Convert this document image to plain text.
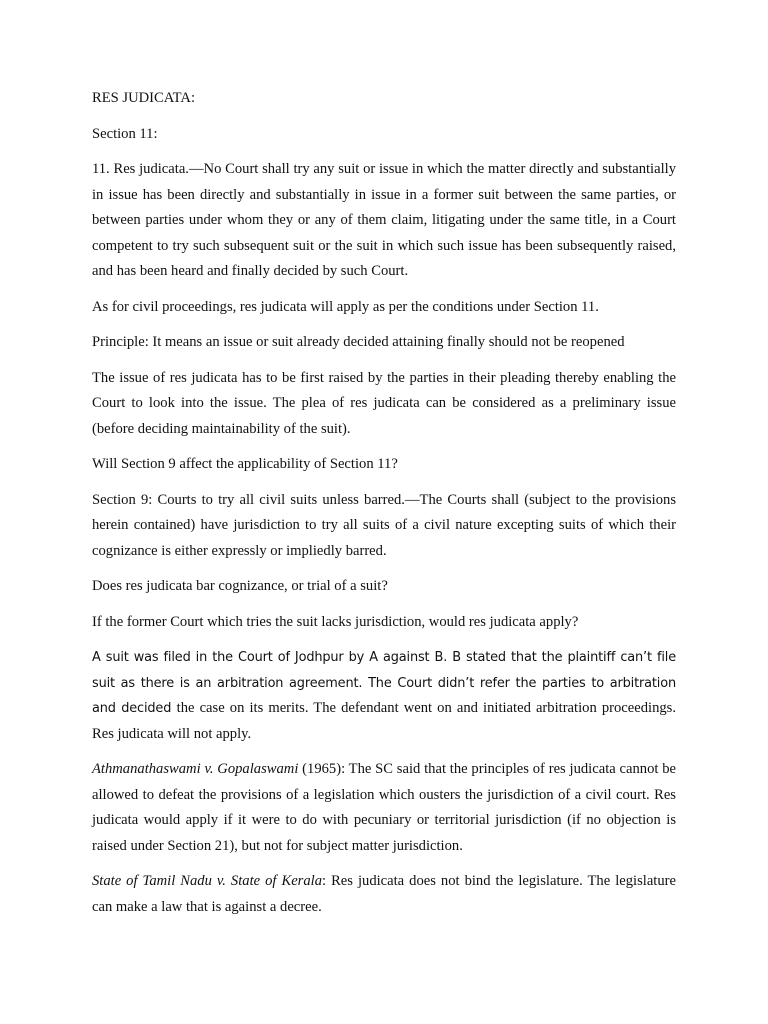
RES JUDICATA:

Section 11:

11. Res judicata.—No Court shall try any suit or issue in which the matter directly and substantially in issue has been directly and substantially in issue in a former suit between the same parties, or between parties under whom they or any of them claim, litigating under the same title, in a Court competent to try such subsequent suit or the suit in which such issue has been subsequently raised, and has been heard and finally decided by such Court.

As for civil proceedings, res judicata will apply as per the conditions under Section 11.

Principle: It means an issue or suit already decided attaining finally should not be reopened

The issue of res judicata has to be first raised by the parties in their pleading thereby enabling the Court to look into the issue. The plea of res judicata can be considered as a preliminary issue (before deciding maintainability of the suit).

Will Section 9 affect the applicability of Section 11?

Section 9: Courts to try all civil suits unless barred.—The Courts shall (subject to the provisions herein contained) have jurisdiction to try all suits of a civil nature excepting suits of which their cognizance is either expressly or impliedly barred.

Does res judicata bar cognizance, or trial of a suit?

If the former Court which tries the suit lacks jurisdiction, would res judicata apply?

A suit was filed in the Court of Jodhpur by A against B. B stated that the plaintiff can’t file suit as there is an arbitration agreement. The Court didn’t refer the parties to arbitration and decided the case on its merits. The defendant went on and initiated arbitration proceedings. Res judicata will not apply.

Athmanathaswami v. Gopalaswami (1965): The SC said that the principles of res judicata cannot be allowed to defeat the provisions of a legislation which ousters the jurisdiction of a civil court. Res judicata would apply if it were to do with pecuniary or territorial jurisdiction (if no objection is raised under Section 21), but not for subject matter jurisdiction.

State of Tamil Nadu v. State of Kerala: Res judicata does not bind the legislature. The legislature can make a law that is against a decree.
